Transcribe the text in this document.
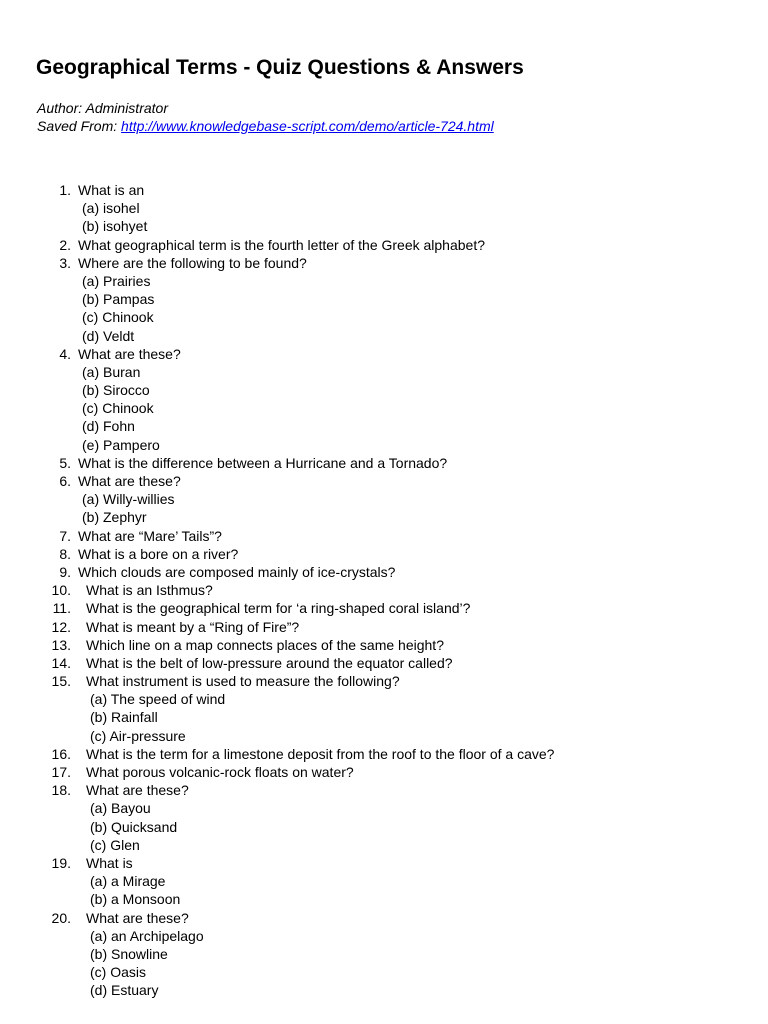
Geographical Terms - Quiz Questions & Answers
Author: Administrator
Saved From: http://www.knowledgebase-script.com/demo/article-724.html
1. What is an
(a) isohel
(b) isohyet
2. What geographical term is the fourth letter of the Greek alphabet?
3. Where are the following to be found?
(a) Prairies
(b) Pampas
(c) Chinook
(d) Veldt
4. What are these?
(a) Buran
(b) Sirocco
(c) Chinook
(d) Fohn
(e) Pampero
5. What is the difference between a Hurricane and a Tornado?
6. What are these?
(a) Willy-willies
(b) Zephyr
7. What are “Mare’ Tails”?
8. What is a bore on a river?
9. Which clouds are composed mainly of ice-crystals?
10. What is an Isthmus?
11. What is the geographical term for ‘a ring-shaped coral island’?
12. What is meant by a “Ring of Fire”?
13. Which line on a map connects places of the same height?
14. What is the belt of low-pressure around the equator called?
15. What instrument is used to measure the following?
(a) The speed of wind
(b) Rainfall
(c) Air-pressure
16. What is the term for a limestone deposit from the roof to the floor of a cave?
17. What porous volcanic-rock floats on water?
18. What are these?
(a) Bayou
(b) Quicksand
(c) Glen
19. What is
(a) a Mirage
(b) a Monsoon
20. What are these?
(a) an Archipelago
(b) Snowline
(c) Oasis
(d) Estuary
